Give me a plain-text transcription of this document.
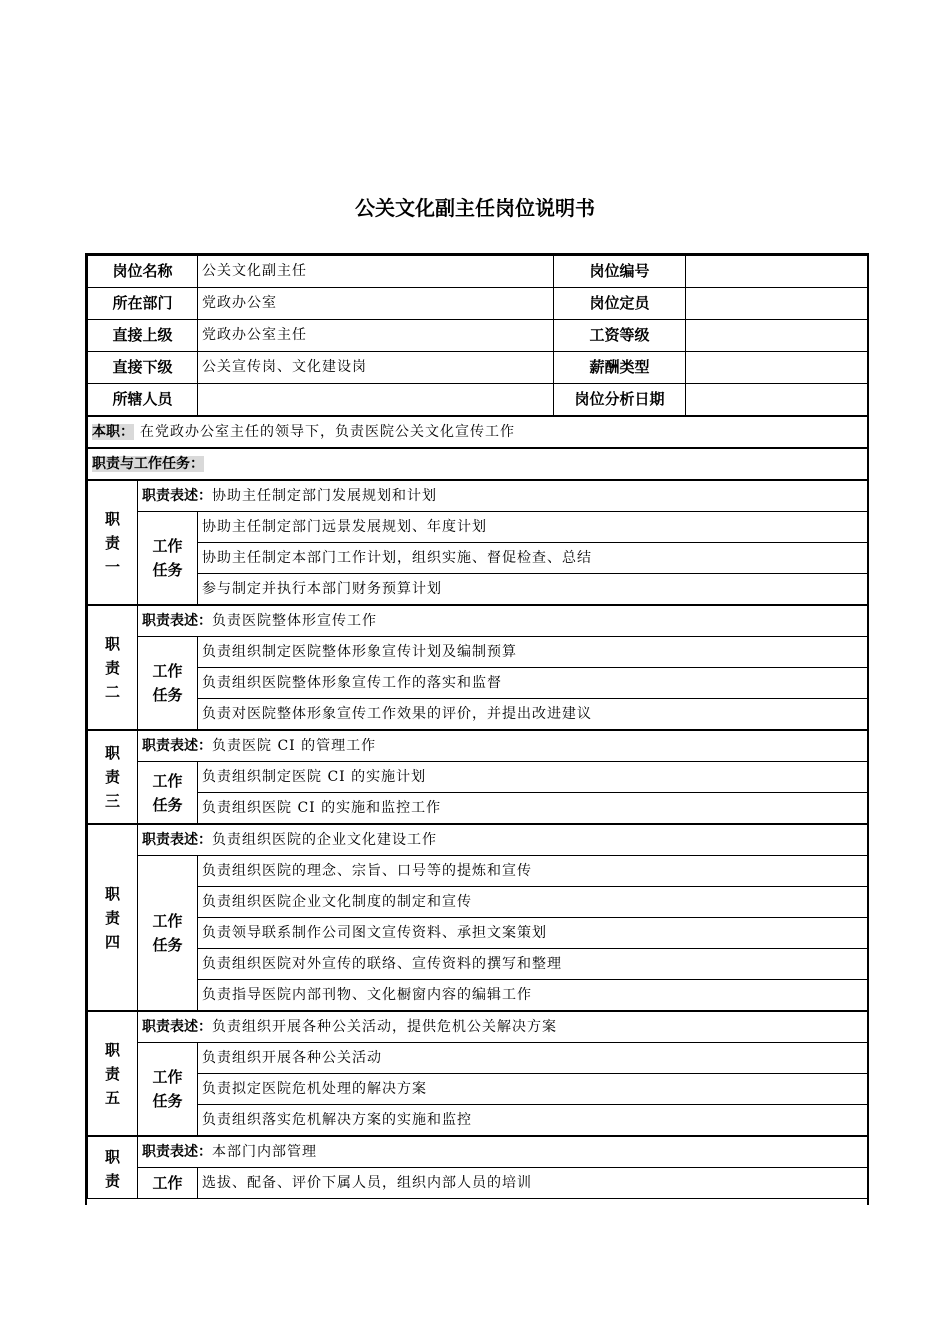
公关文化副主任岗位说明书
岗位名称		公关文化副主任	岗位编号	
所在部门		党政办公室	岗位定员	
直接上级		党政办公室主任	工资等级	
直接下级		公关宣传岗、文化建设岗	薪酬类型	
所辖人员			岗位分析日期	
本职： 在党政办公室主任的领导下，负责医院公关文化宣传工作				
职责与工作任务：				

职
责
一	职责表述：协助主任制定部门发展规划和计划			

	工作
任务	协助主任制定部门远景发展规划、年度计划		
		协助主任制定本部门工作计划，组织实施、督促检查、总结		
		参与制定并执行本部门财务预算计划		

职
责
二	职责表述：负责医院整体形宣传工作			

	工作
任务	负责组织制定医院整体形象宣传计划及编制预算		
		负责组织医院整体形象宣传工作的落实和监督		
		负责对医院整体形象宣传工作效果的评价，并提出改进建议		

职
责
三	职责表述：负责医院 CI 的管理工作			

	工作
任务	负责组织制定医院 CI 的实施计划		
		负责组织医院 CI 的实施和监控工作		

职
责
四	职责表述：负责组织医院的企业文化建设工作			

	工作
任务	负责组织医院的理念、宗旨、口号等的提炼和宣传		
		负责组织医院企业文化制度的制定和宣传		
		负责领导联系制作公司图文宣传资料、承担文案策划		
		负责组织医院对外宣传的联络、宣传资料的撰写和整理		
		负责指导医院内部刊物、文化橱窗内容的编辑工作		

职
责
五	职责表述：负责组织开展各种公关活动，提供危机公关解决方案			

	工作
任务	负责组织开展各种公关活动		
		负责拟定医院危机处理的解决方案		
		负责组织落实危机解决方案的实施和监控		

职
责	职责表述：本部门内部管理			

	工作	选拔、配备、评价下属人员，组织内部人员的培训		
